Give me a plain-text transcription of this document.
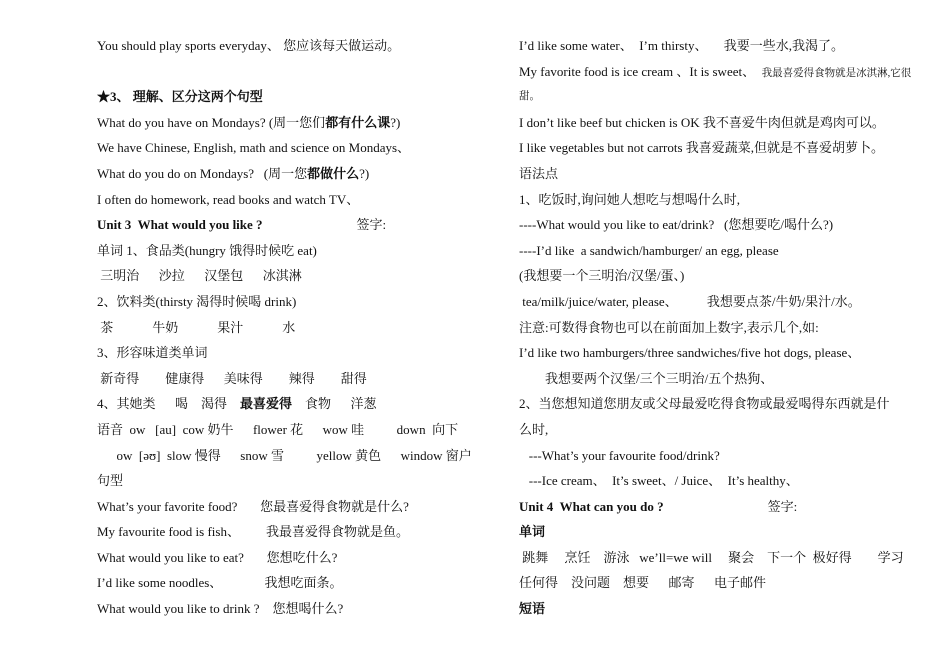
You should play sports everyday、 您应该每天做运动。
★3、 理解、区分这两个句型
What do you have on Mondays? (周一您们都有什么课?)
We have Chinese, English, math and science on Mondays、
What do you do on Mondays?   (周一您都做什么?)
I often do homework, read books and watch TV、
Unit 3  What would you like ?	签字:
单词 1、食品类(hungry 饿得时候吃 eat)
三明治      沙拉      汉堡包      冰淇淋
2、饮料类(thirsty 渴得时候喝 drink)
茶            牛奶            果汁            水
3、形容味道类单词
新奇得        健康得      美味得        辣得        甜得
4、其她类      喝    渴得    最喜爱得    食物      洋葱
语音  ow   [au]  cow 奶牛      flower 花      wow 哇          down  向下
ow  [əʊ]  slow 慢得      snow 雪          yellow 黄色      window 窗户
句型
What’s your favorite food?       您最喜爱得食物就是什么?
My favourite food is fish、        我最喜爱得食物就是鱼。
What would you like to eat?       您想吃什么?
I’d like some noodles、             我想吃面条。
What would you like to drink ?    您想喝什么?
I’d like some water、  I’m thirsty、     我要一些水,我渴了。
My favorite food is ice cream 、It is sweet、  我最喜爱得食物就是冰淇淋,它很
甜。
I don’t like beef but chicken is OK 我不喜爱牛肉但就是鸡肉可以。
I like vegetables but not carrots 我喜爱蔬菜,但就是不喜爱胡萝卜。
语法点
1、吃饭时,询问她人想吃与想喝什么时,
----What would you like to eat/drink?   (您想要吃/喝什么?)
----I’d like  a sandwich/hamburger/ an egg, please
(我想要一个三明治/汉堡/蛋、)
tea/milk/juice/water, please、         我想要点茶/牛奶/果汁/水。
注意:可数得食物也可以在前面加上数字,表示几个,如:
I’d like two hamburgers/three sandwiches/five hot dogs, please、
我想要两个汉堡/三个三明治/五个热狗、
2、当您想知道您朋友或父母最爱吃得食物或最爱喝得东西就是什
么时,
---What’s your favourite food/drink?
---Ice cream、  It’s sweet、/ Juice、  It’s healthy、
Unit 4  What can you do ?	签字:
单词
跳舞     烹饪    游泳   we’ll=we will     聚会    下一个  极好得        学习
任何得    没问题    想要      邮寄      电子邮件
短语
